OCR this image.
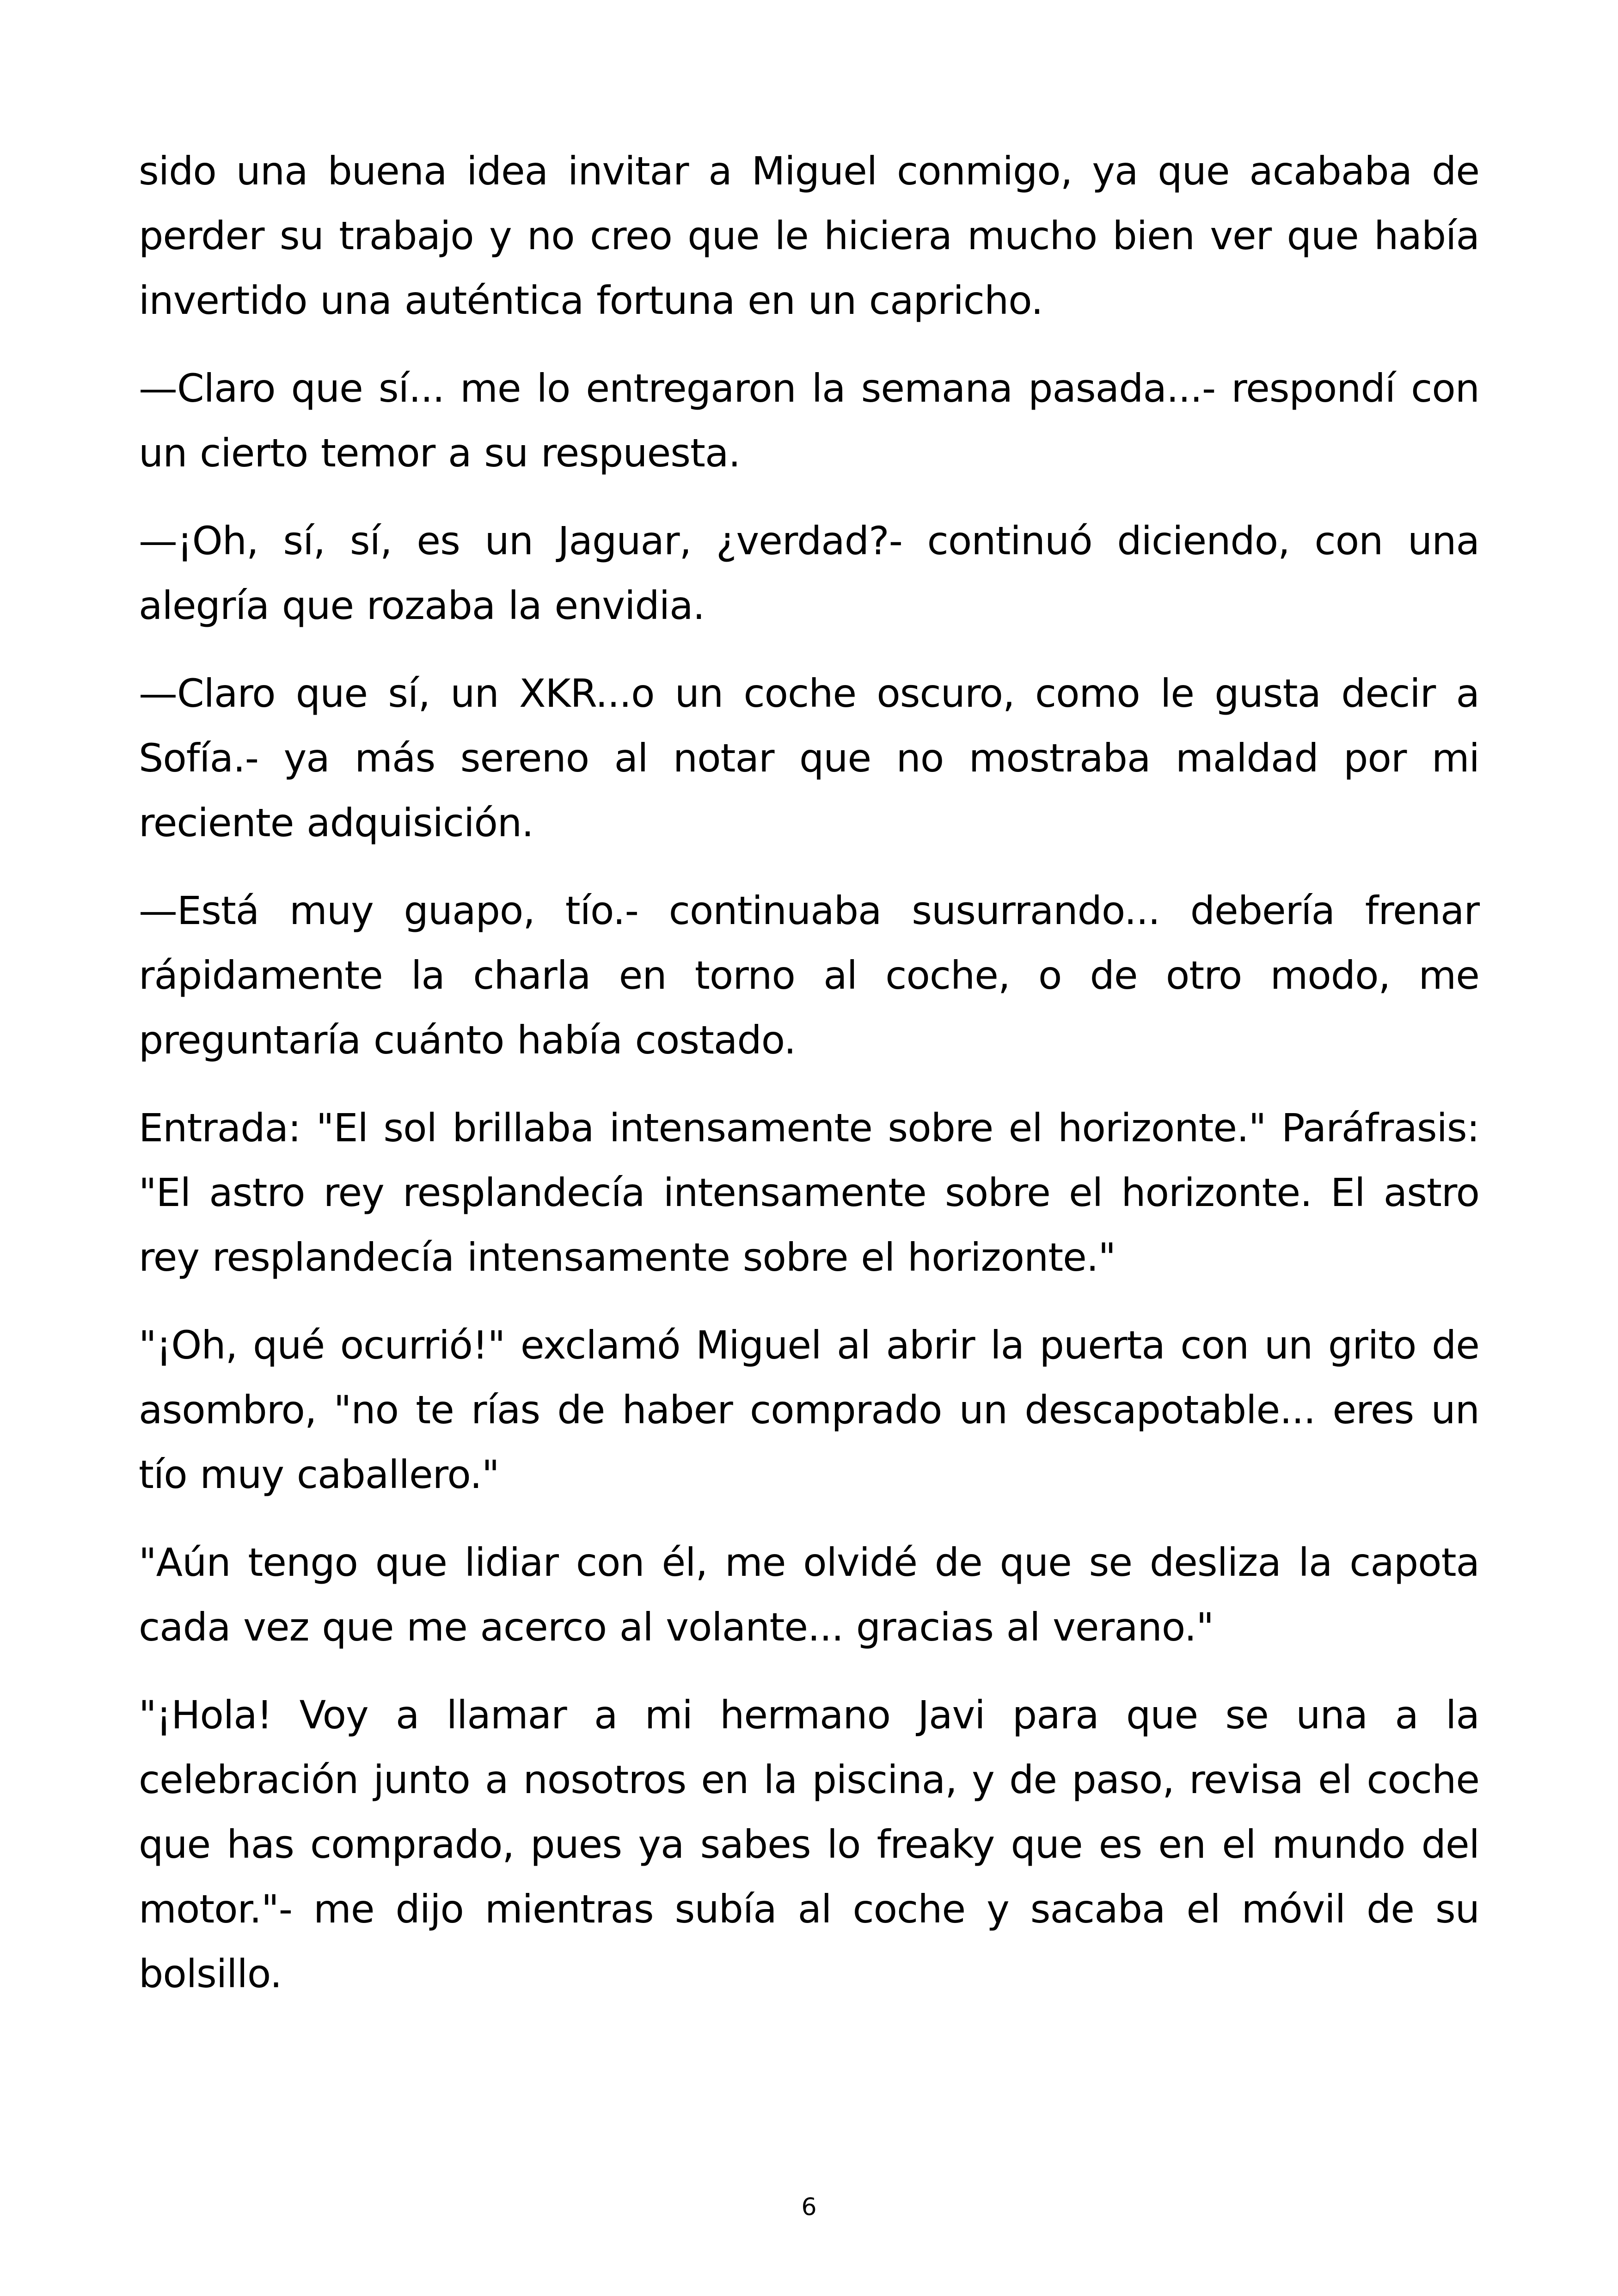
sido una buena idea invitar a Miguel conmigo, ya que acababa de perder su trabajo y no creo que le hiciera mucho bien ver que había invertido una auténtica fortuna en un capricho.

—Claro que sí... me lo entregaron la semana pasada...- respondí con un cierto temor a su respuesta.

—¡Oh, sí, sí, es un Jaguar, ¿verdad?- continuó diciendo, con una alegría que rozaba la envidia.

—Claro que sí, un XKR...o un coche oscuro, como le gusta decir a Sofía.- ya más sereno al notar que no mostraba maldad por mi reciente adquisición.

—Está muy guapo, tío.- continuaba susurrando... debería frenar rápidamente la charla en torno al coche, o de otro modo, me preguntaría cuánto había costado.

Entrada: "El sol brillaba intensamente sobre el horizonte." Paráfrasis: "El astro rey resplandecía intensamente sobre el horizonte. El astro rey resplandecía intensamente sobre el horizonte."

"¡Oh, qué ocurrió!" exclamó Miguel al abrir la puerta con un grito de asombro, "no te rías de haber comprado un descapotable... eres un tío muy caballero."

"Aún tengo que lidiar con él, me olvidé de que se desliza la capota cada vez que me acerco al volante... gracias al verano."

"¡Hola! Voy a llamar a mi hermano Javi para que se una a la celebración junto a nosotros en la piscina, y de paso, revisa el coche que has comprado, pues ya sabes lo freaky que es en el mundo del motor."- me dijo mientras subía al coche y sacaba el móvil de su bolsillo.

6
